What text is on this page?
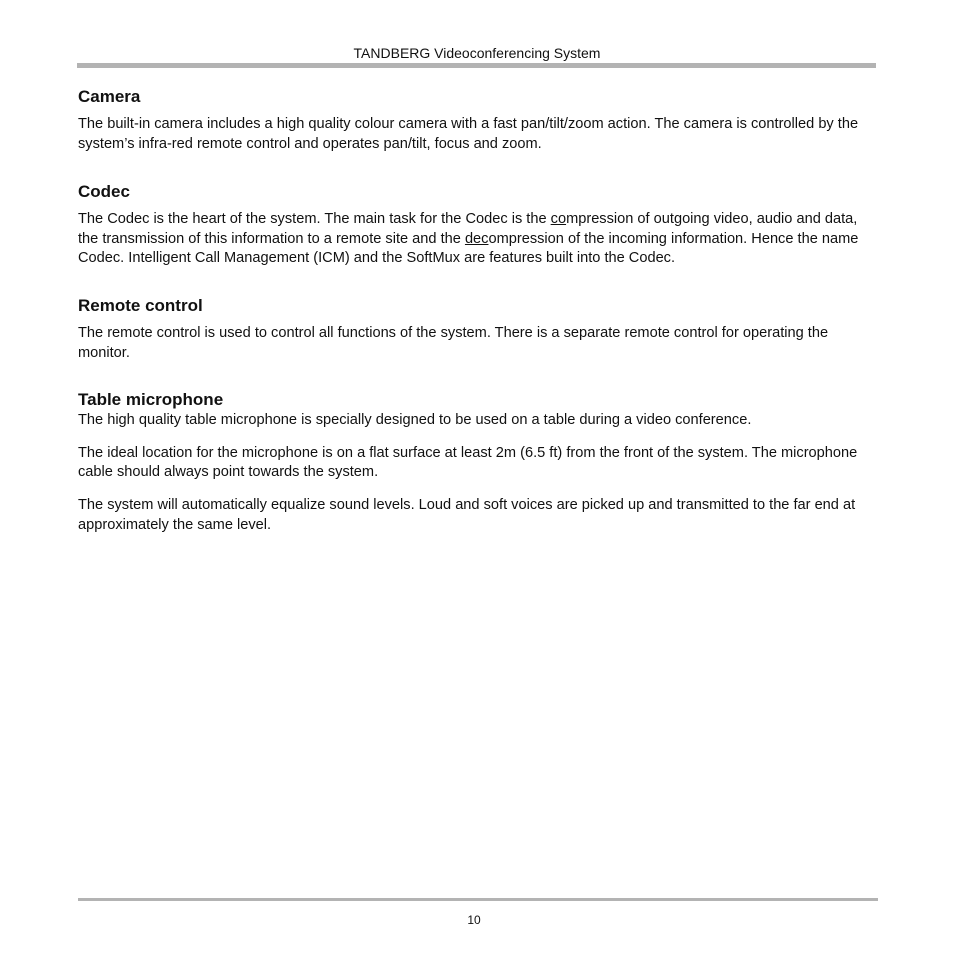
TANDBERG Videoconferencing System
Camera

The built-in camera includes a high quality colour camera with a fast pan/tilt/zoom action. The camera is controlled by the system’s infra-red remote control and operates pan/tilt, focus and zoom.

Codec

The Codec is the heart of the system. The main task for the Codec is the compression of outgoing video, audio and data, the transmission of this information to a remote site and the decompression of the incoming information. Hence the name Codec. Intelligent Call Management (ICM) and the SoftMux are features built into the Codec.

Remote control

The remote control is used to control all functions of the system. There is a separate remote control for operating the monitor.

Table microphone

The high quality table microphone is specially designed to be used on a table during a video conference.

The ideal location for the microphone is on a flat surface at least 2m (6.5 ft) from the front of the system. The microphone cable should always point towards the system.

The system will automatically equalize sound levels. Loud and soft voices are picked up and transmitted to the far end at approximately the same level.

10
